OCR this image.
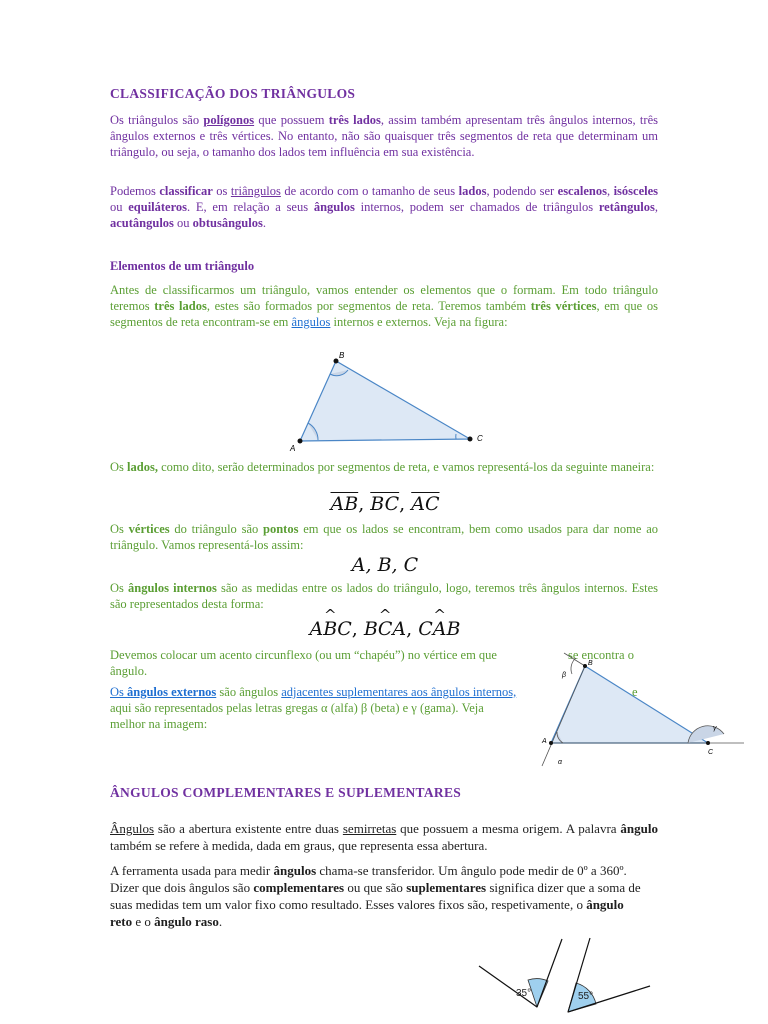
CLASSIFICAÇÃO DOS TRIÂNGULOS

Os triângulos são polígonos que possuem três lados, assim também apresentam três ângulos internos, três ângulos externos e três vértices. No entanto, não são quaisquer três segmentos de reta que determinam um triângulo, ou seja, o tamanho dos lados tem influência em sua existência.

Podemos classificar os triângulos de acordo com o tamanho de seus lados, podendo ser escalenos, isósceles ou equiláteros. E, em relação a seus ângulos internos, podem ser chamados de triângulos retângulos, acutângulos ou obtusângulos.

Elementos de um triângulo

Antes de classificarmos um triângulo, vamos entender os elementos que o formam. Em todo triângulo teremos três lados, estes são formados por segmentos de reta. Teremos também três vértices, em que os segmentos de reta encontram-se em ângulos internos e externos. Veja na figura:

A
B
C

Os lados, como dito, serão determinados por segmentos de reta, e vamos representá-los da seguinte maneira:

$\overline{AB}$, $\overline{BC}$, $\overline{AC}$

Os vértices do triângulo são pontos em que os lados se encontram, bem como usados para dar nome ao triângulo. Vamos representá-los assim:

A, B, C

Os ângulos internos são as medidas entre os lados do triângulo, logo, teremos três ângulos internos. Estes são representados desta forma:

A^ BC, B^ CA, C^ AB

Devemos colocar um acento circunflexo (ou um “chapéu”) no vértice em que	se encontra o

ângulo.

Os ângulos externos são ângulos adjacentes suplementares aos ângulos internos,	e

aqui são representados pelas letras gregas α (alfa) β (beta) e γ (gama). Veja

melhor na imagem:

A
B
C
β
α
γ
ÂNGULOS COMPLEMENTARES E SUPLEMENTARES

Ângulos são a abertura existente entre duas semirretas que possuem a mesma origem. A palavra ângulo também se refere à medida, dada em graus, que representa essa abertura.

A ferramenta usada para medir ângulos chama-se transferidor. Um ângulo pode medir de 0º a 360º. Dizer que dois ângulos são complementares ou que são suplementares significa dizer que a soma de suas medidas tem um valor fixo como resultado. Esses valores fixos são, respetivamente, o ângulo reto e o ângulo raso.

35°	55°
